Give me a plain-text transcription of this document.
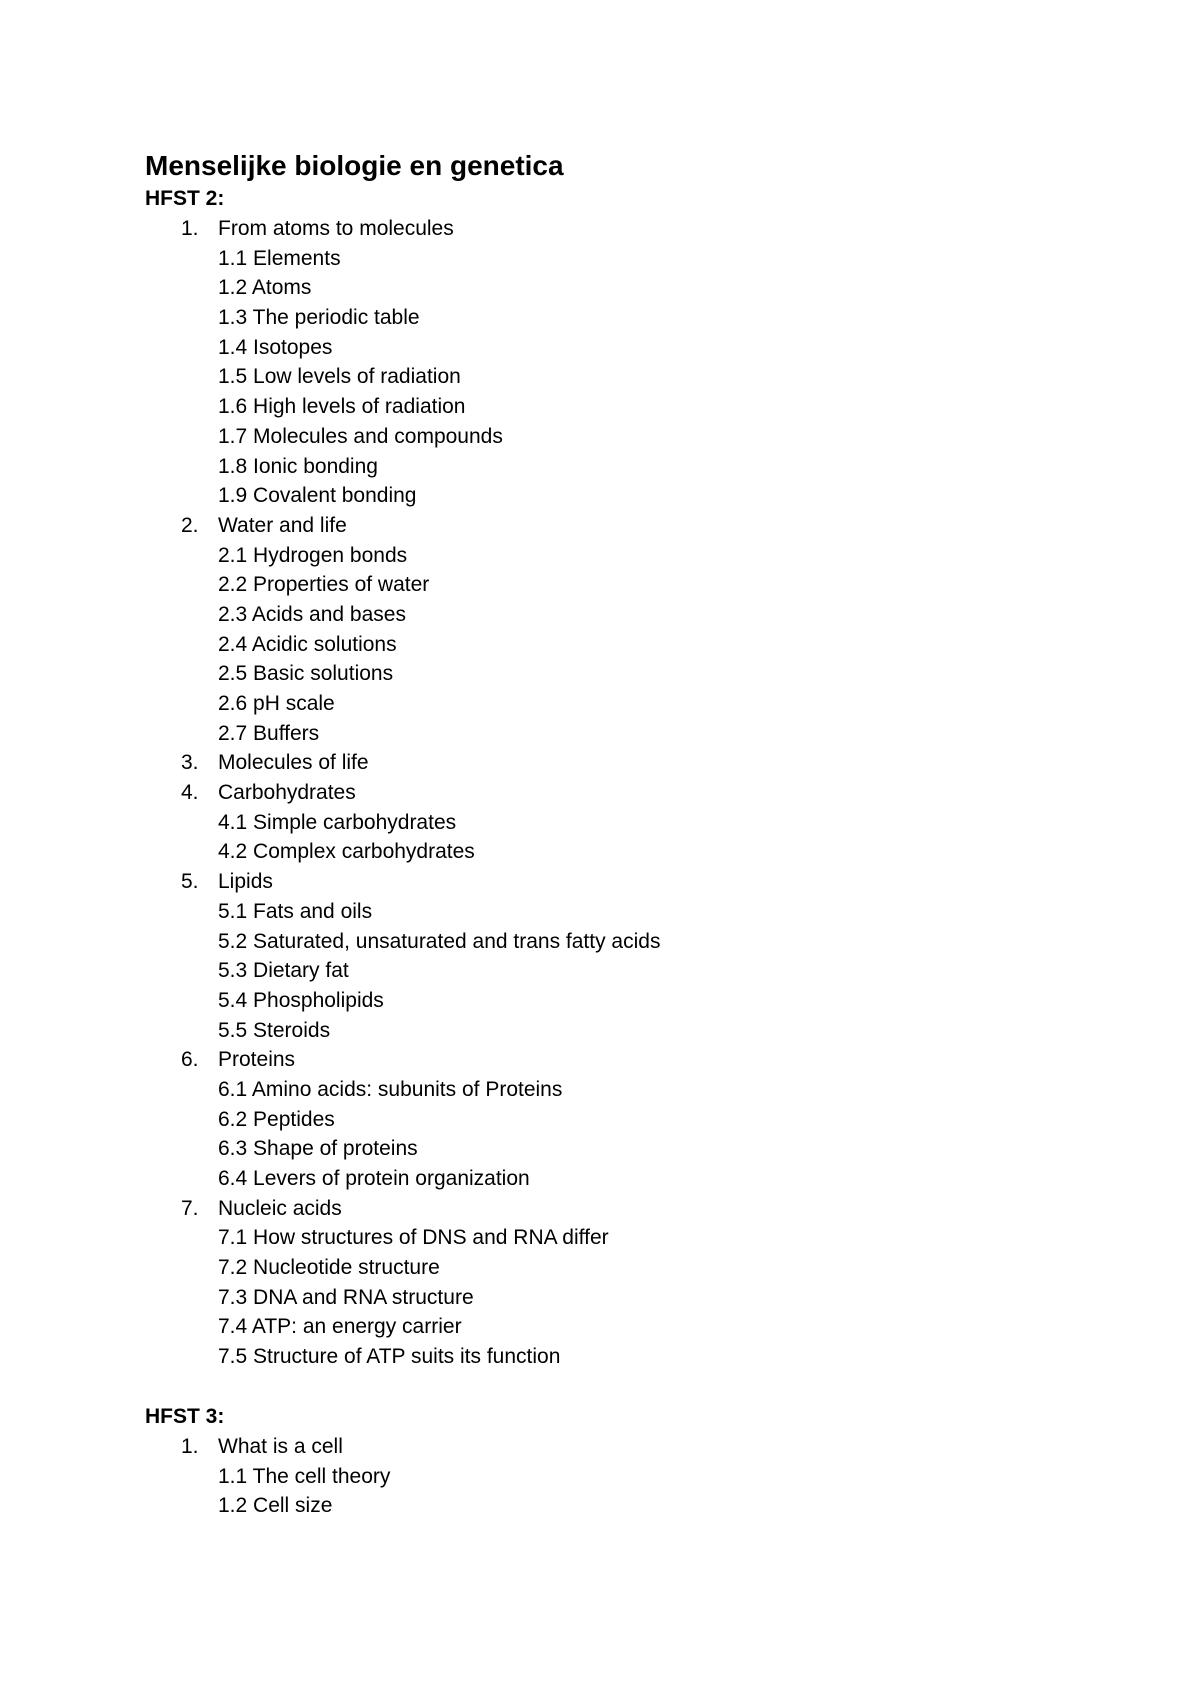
Menselijke biologie en genetica
HFST 2:
1. From atoms to molecules
1.1 Elements
1.2 Atoms
1.3 The periodic table
1.4 Isotopes
1.5 Low levels of radiation
1.6 High levels of radiation
1.7 Molecules and compounds
1.8 Ionic bonding
1.9 Covalent bonding
2. Water and life
2.1 Hydrogen bonds
2.2 Properties of water
2.3 Acids and bases
2.4 Acidic solutions
2.5 Basic solutions
2.6 pH scale
2.7 Buffers
3. Molecules of life
4. Carbohydrates
4.1 Simple carbohydrates
4.2 Complex carbohydrates
5. Lipids
5.1 Fats and oils
5.2 Saturated, unsaturated and trans fatty acids
5.3 Dietary fat
5.4 Phospholipids
5.5 Steroids
6. Proteins
6.1 Amino acids: subunits of Proteins
6.2 Peptides
6.3 Shape of proteins
6.4 Levers of protein organization
7. Nucleic acids
7.1 How structures of DNS and RNA differ
7.2 Nucleotide structure
7.3 DNA and RNA structure
7.4 ATP: an energy carrier
7.5 Structure of ATP suits its function
HFST 3:
1. What is a cell
1.1 The cell theory
1.2 Cell size
